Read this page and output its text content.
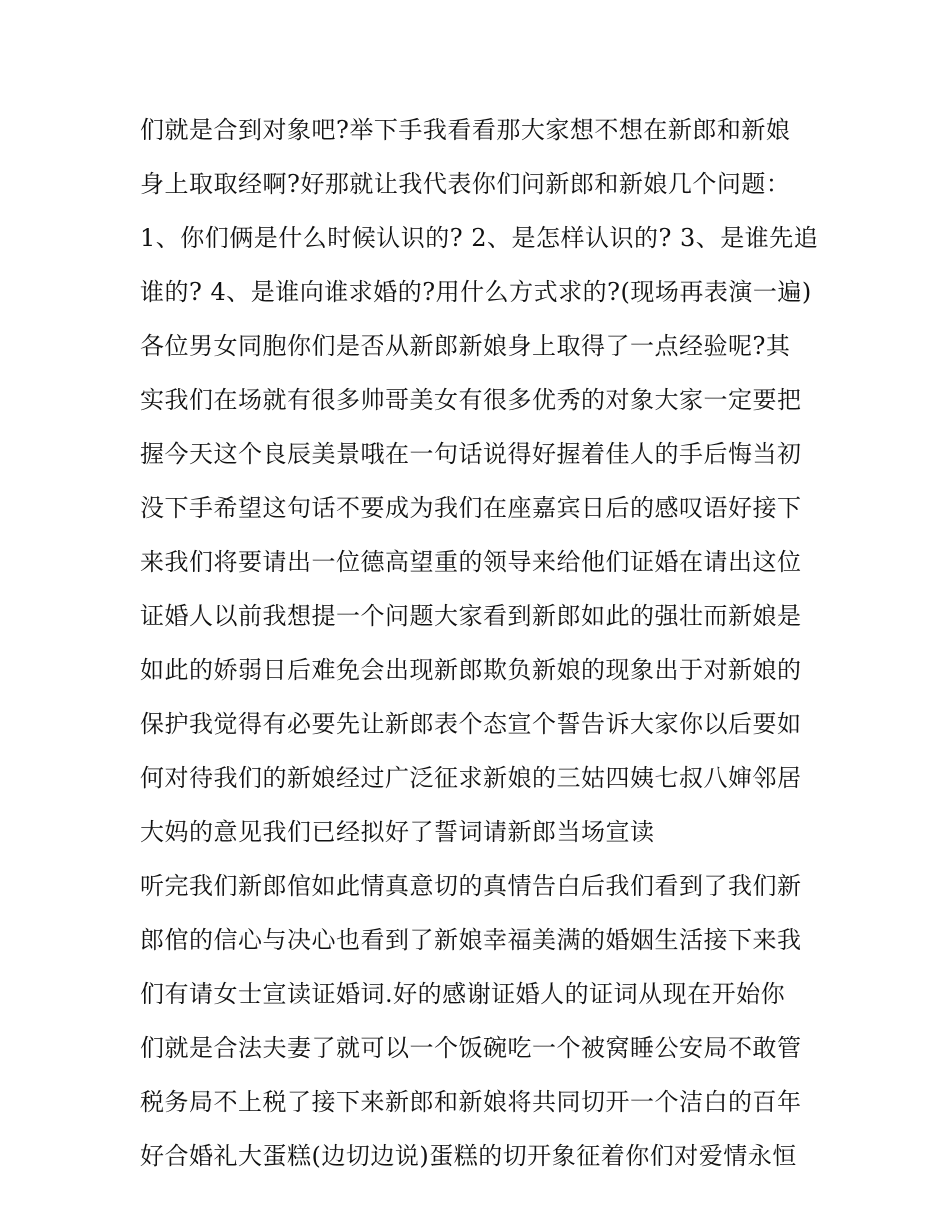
们就是合到对象吧?举下手我看看那大家想不想在新郎和新娘
身上取取经啊?好那就让我代表你们问新郎和新娘几个问题：
1、你们俩是什么时候认识的? 2、是怎样认识的? 3、是谁先追
谁的? 4、是谁向谁求婚的?用什么方式求的?(现场再表演一遍)
各位男女同胞你们是否从新郎新娘身上取得了一点经验呢?其
实我们在场就有很多帅哥美女有很多优秀的对象大家一定要把
握今天这个良辰美景哦在一句话说得好握着佳人的手后悔当初
没下手希望这句话不要成为我们在座嘉宾日后的感叹语好接下
来我们将要请出一位德高望重的领导来给他们证婚在请出这位
证婚人以前我想提一个问题大家看到新郎如此的强壮而新娘是
如此的娇弱日后难免会出现新郎欺负新娘的现象出于对新娘的
保护我觉得有必要先让新郎表个态宣个誓告诉大家你以后要如
何对待我们的新娘经过广泛征求新娘的三姑四姨七叔八婶邻居
大妈的意见我们已经拟好了誓词请新郎当场宣读
听完我们新郎倌如此情真意切的真情告白后我们看到了我们新
郎倌的信心与决心也看到了新娘幸福美满的婚姻生活接下来我
们有请女士宣读证婚词.好的感谢证婚人的证词从现在开始你
们就是合法夫妻了就可以一个饭碗吃一个被窝睡公安局不敢管
税务局不上税了接下来新郎和新娘将共同切开一个洁白的百年
好合婚礼大蛋糕(边切边说)蛋糕的切开象征着你们对爱情永恒
